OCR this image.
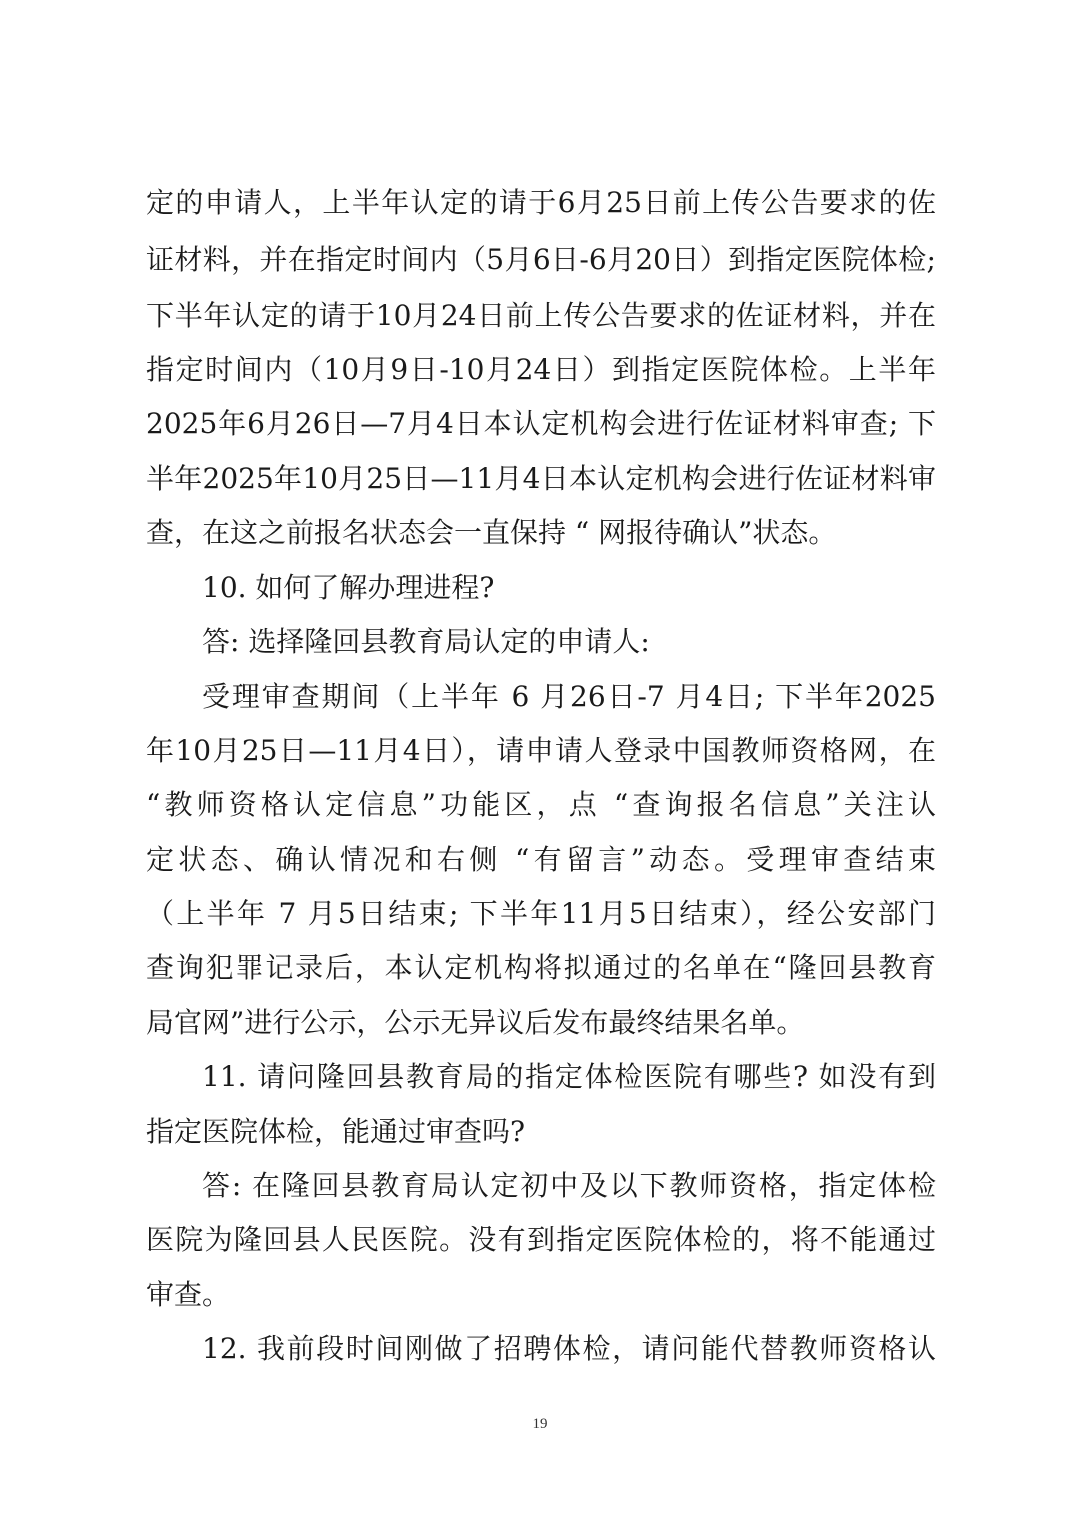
定的申请人，上半年认定的请于6月25日前上传公告要求的佐
证材料，并在指定时间内（5月6日-6月20日）到指定医院体检;
下半年认定的请于10月24日前上传公告要求的佐证材料，并在
指定时间内（10月9日-10月24日）到指定医院体检。上半年
2025年6月26日—7月4日本认定机构会进行佐证材料审查; 下
半年2025年10月25日—11月4日本认定机构会进行佐证材料审
查，在这之前报名状态会一直保持 “ 网报待确认”状态。
10. 如何了解办理进程?
答: 选择隆回县教育局认定的申请人:
受理审查期间（上半年 6 月26日-7 月4日; 下半年2025
年10月25日—11月4日），请申请人登录中国教师资格网，在
“教师资格认定信息”功能区，点 “查询报名信息”关注认
定状态、确认情况和右侧 “有留言”动态。受理审查结束
（上半年 7 月5日结束; 下半年11月5日结束），经公安部门
查询犯罪记录后，本认定机构将拟通过的名单在“隆回县教育
局官网”进行公示，公示无异议后发布最终结果名单。
11. 请问隆回县教育局的指定体检医院有哪些? 如没有到
指定医院体检，能通过审查吗?
答: 在隆回县教育局认定初中及以下教师资格，指定体检
医院为隆回县人民医院。没有到指定医院体检的，将不能通过
审查。
12. 我前段时间刚做了招聘体检，请问能代替教师资格认
19
